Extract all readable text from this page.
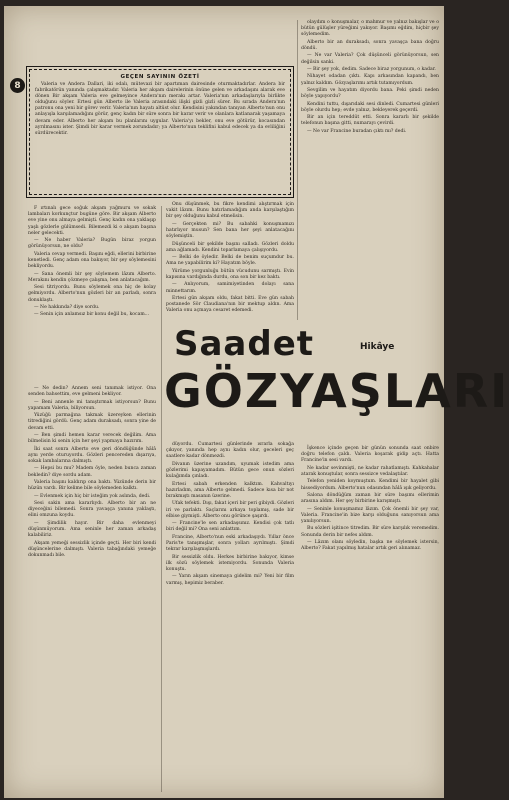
8
GEÇEN SAYININ ÖZETİ
Valeria ve Andera Dallari, iki odalı, mütevazi bir apartıman dairesinde oturmaktadırlar. Andera bir fabrikatörün yanında çalışmaktadır. Valeria her akşam dairelerinin önüne gelen ve arkadaşını alarak eve dönen Bir akşam Valeria eve gelmeyince Andera'nın merakı artar. Valeria'nın arkadaşlarıyla birlikte olduğunu söyler. Ertesi gün Alberto ile Valeria arasındaki ilişki gizli gizli sürer. Bu sırada Andera'nın patronu ona yeni bir görev verir. Valeria'nın hayatı altüst olur. Kendisini yakından tanıyan Alberto'nun onu anlayışla karşılamadığını görür, genç kadın bir süre sonra bir karar verir ve olanlara katlanarak yaşamaya devam eder. Alberto her akşam bu planlarını uygular. Valeria'yı bekler, onu eve götürür, kocasından ayrılmasını ister. Şimdi bir karar vermek zorundadır; ya Alberto'nun teklifini kabul edecek ya da evliliğini sürdürecektir.

olaydım o konuşmalar, o mahmur ve yalnız bakışlar ve o bütün gülüşler yüreğimi yakıyor. Başımı eğdim, hiçbir şey söylemedim.

Alberto bir an duraksadı, sonra yavaşça bana doğru döndü.

— Ne var Valeria? Çok düşünceli görünüyorsun, sen değilsin sanki.

— Bir şey yok, dedim. Sadece biraz yorgunum, o kadar.

Nihayet odadan çıktı. Kapı arkasından kapandı, ben yalnız kaldım. Gözyaşlarımı artık tutamıyordum.

Sevgilim ve hayatım diyordu bana. Peki şimdi neden böyle yapıyordu?

Kendini tuttu, dışarıdaki sesi dinledi. Cumartesi günleri böyle olurdu hep; evde yalnız, bekleyerek geçerdi.

Bir an için tereddüt etti. Sonra kararlı bir şekilde telefonun başına gitti, numarayı çevirdi.

— Ne var Francine buradan çıktı mı? dedi.

F ırtınalı gece soğuk akşam yağmuru ve sokak lambaları korkunçtur bugüne göre. Bir akşam Alberto eve yine onu almaya gelmişti. Genç kadın ona yaklaşıp yaşlı gözlerle gülümsedi. Bilemezdi ki o akşam başına neler gelecekti.

— Ne haber Valeria? Bugün biraz yorgun görünüyorsun, ne oldu?

Valeria cevap vermedi. Başını eğdi, ellerini birbirine kenetledi. Genç adam ona bakıyor, bir şey söylemesini bekliyordu.

— Sana önemli bir şey söylemem lâzım Alberto. Merakını kendin çözmeye çalışma, ben anlatacağım.

Sesi titriyordu. Bunu söylemek ona hiç de kolay gelmiyordu. Alberto'nun gözleri bir an parladı, sonra donuklaştı.

— Ne hakkında? diye sordu.

— Senin için anlamsız bir konu değil bu, kocam...

— Ne dedin? Annem seni tanımak istiyor. Ona senden bahsettim, eve gelmeni bekliyor.

— Beni annenle mi tanıştırmak istiyorsun? Bunu yapamam Valeria, biliyorsun.

Yüzüğü parmağına takmak üzereyken ellerinin titrediğini gördü. Genç adam duraksadı, sonra yine de devam etti.

— Ben şimdi hemen karar verecek değilim. Ama bilmelisin ki senin için her şeyi yapmaya hazırım.

İki saat sonra Alberto eve geri döndüğünde hâlâ aynı yerde oturuyordu. Gözleri pencereden dışarıya, sokak lambalarına dalmıştı.

— Hepsi bu mu? Madem öyle, neden bunca zaman bekledin? diye sordu adam.

Valeria başını kaldırıp ona baktı. Yüzünde derin bir hüzün vardı. Bir kelime bile söylemeden kalktı.

— Evlenmek için hiç bir isteğim yok aslında, dedi.

Sesi sakin ama kararlıydı. Alberto bir an ne diyeceğini bilemedi. Sonra yavaşça yanına yaklaştı, elini omzuna koydu.

— Şimdilik hayır. Bir daha evlenmeyi düşünmüyorum. Ama seninle her zaman arkadaş kalabiliriz.

Akşam yemeği sessizlik içinde geçti. Her biri kendi düşüncelerine dalmıştı. Valeria tabağındaki yemeğe dokunmadı bile.

Onu düşünmek, bu fikre kendimi alıştırmak için vakit lâzım. Bunu hatırlamadığım anda karşılaştığım bir şey olduğunu kabul etmelisin.

— Gerçekten mi? Bu sabahki konuşmamızı hatırlıyor musun? Sen bana her şeyi anlatacağını söylemiştin.

Düşünceli bir şekilde başını salladı. Gözleri doldu ama ağlamadı. Kendini toparlamaya çalışıyordu.

— Belki de öyledir. Belki de benim suçumdur bu. Ama ne yapabilirim ki? Hayatım böyle.

Yürüme yorgunluğu bütün vücudunu sarmıştı. Evin kapısına vardığında durdu, ona son bir kez baktı.

— Anlıyorum, samimiyetinden dolayı sana minnettarım.

Ertesi gün akşam oldu, fakat bitti. Eve gün sabah postanede Sör Claudiana'nın bir mektup aldın. Ama Valeria onu açmaya cesaret edemedi.

Saadet	Hikâye
GÖZYAŞLARI

düyordu. Cumartesi günlerinde ısrarla sokağa çıkıyor, yanında hep aynı kadın olur, geceleri geç saatlere kadar dönmezdi.

Divanın üzerine uzandım, uyumak istedim ama gözlerimi kapayamadım. Bütün gece onun sözleri kulağımda çınladı.

Ertesi sabah erkenden kalktım. Kahvaltıyı hazırladım, ama Alberto gelmedi. Sadece kısa bir not bırakmıştı masanın üzerine.

Ufak tefekti. Dışı, fakat içeri bir peri gibiydi. Gözleri iri ve parlaktı. Saçlarını arkaya toplamış, sade bir elbise giymişti. Alberto onu görünce şaşırdı.

— Francine'le sen arkadaşsınız. Kendisi çok tatlı biri değil mi? Ona seni anlattım.

Francine, Alberto'nun eski arkadaşıydı. Yıllar önce Paris'te tanışmışlar, sonra yolları ayrılmıştı. Şimdi tekrar karşılaşmışlardı.

Bir sessizlik oldu. Herkes birbirine bakıyor, kimse ilk sözü söylemek istemiyordu. Sonunda Valeria konuştu.

— Yarın akşam sinemaya gidelim mi? Yeni bir film varmış, hepimiz beraber.

İşkence içinde geçen bir günün sonunda saat onbire doğru telefon çaldı. Valeria koşarak gidip açtı. Hatta Francine'in sesi vardı.

Ne kadar sevinmişti, ne kadar rahatlamıştı. Kahkahalar atarak konuştular, sonra sessizce vedalaştılar.

Telefon yeniden koymuştum. Kendimi bir hayalet gibi hissediyordum. Alberto'nun odasından hâlâ ışık geliyordu.

Salona döndüğüm zaman bir süre başımı ellerimin arasına aldım. Her şey birbirine karışmıştı.

— Seninle konuşmamız lâzım. Çok önemli bir şey var, Valeria. Francine'in bize karşı olduğunu sanıyorsun ama yanılıyorsun.

Bu sözleri işitince titredim. Bir süre karşılık veremedim. Sonunda derin bir nefes aldım.

— Lâzım olanı söyledin, başka ne söylemek istersin, Alberto? Fakat yapılmış hatalar artık geri alınamaz.
